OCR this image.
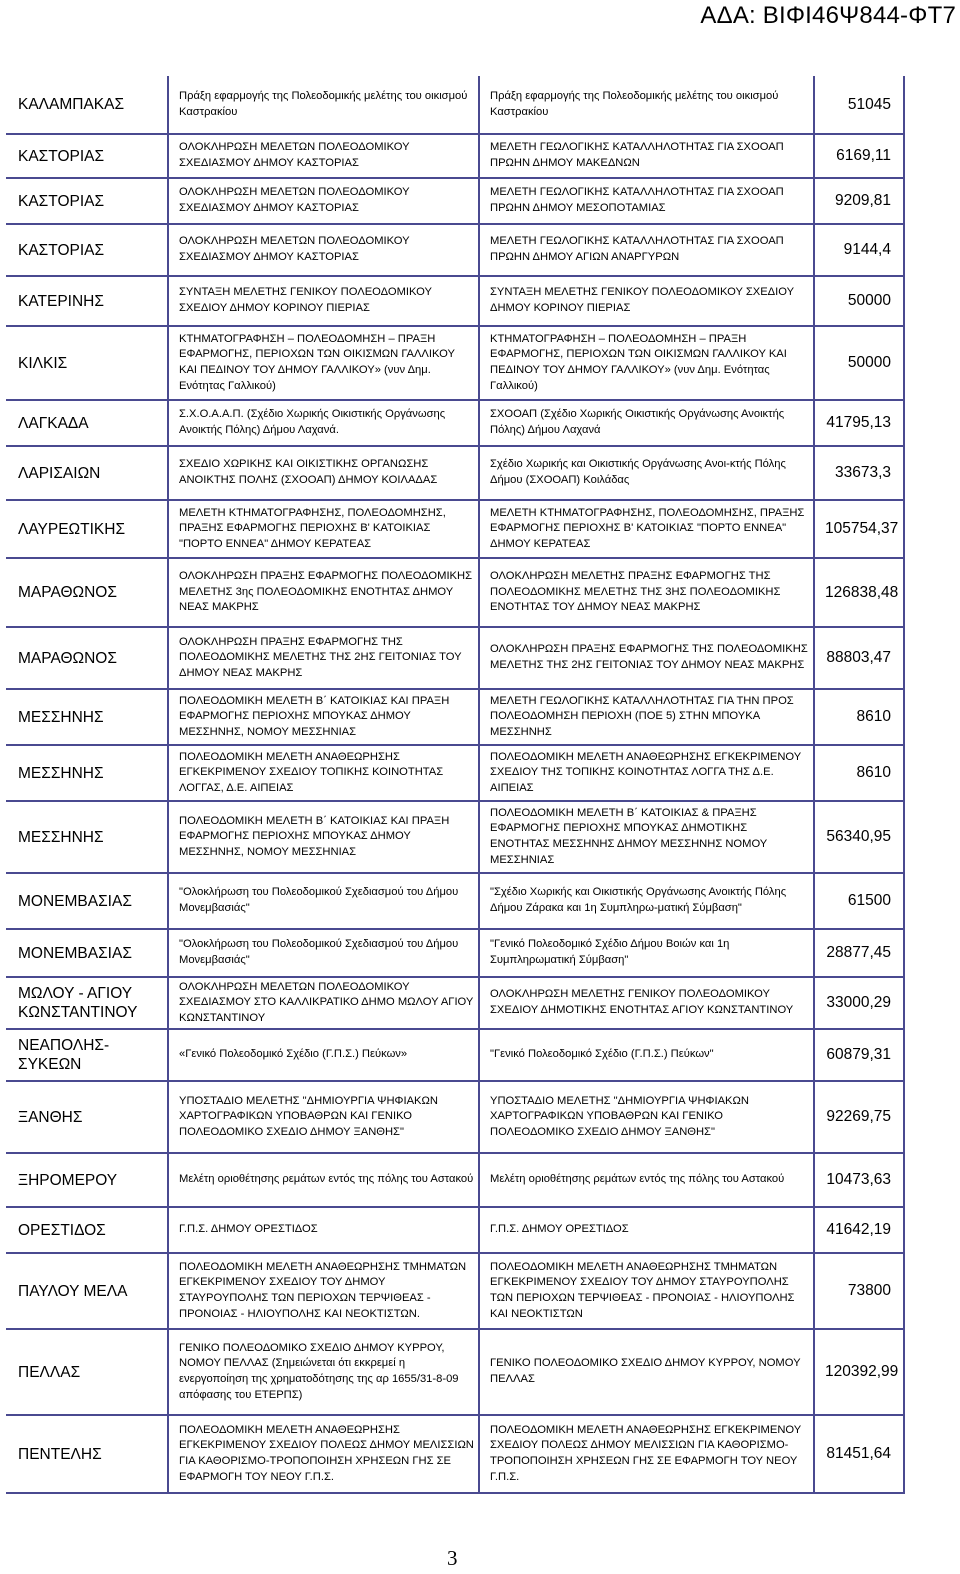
ΑΔΑ: ΒΙΦΙ46Ψ844-ΦΤ7
ΚΑΛΑΜΠΑΚΑΣ	Πράξη εφαρμογής της Πολεοδομικής μελέτης του οικισμού Καστρακίου	Πράξη εφαρμογής της Πολεοδομικής μελέτης του οικισμού Καστρακίου	51045
ΚΑΣΤΟΡΙΑΣ	ΟΛΟΚΛΗΡΩΣΗ ΜΕΛΕΤΩΝ ΠΟΛΕΟΔΟΜΙΚΟΥ ΣΧΕΔΙΑΣΜΟΥ ΔΗΜΟΥ ΚΑΣΤΟΡΙΑΣ	ΜΕΛΕΤΗ ΓΕΩΛΟΓΙΚΗΣ ΚΑΤΑΛΛΗΛΟΤΗΤΑΣ ΓΙΑ ΣΧΟΟΑΠ ΠΡΩΗΝ ΔΗΜΟΥ ΜΑΚΕΔΝΩΝ	6169,11
ΚΑΣΤΟΡΙΑΣ	ΟΛΟΚΛΗΡΩΣΗ ΜΕΛΕΤΩΝ ΠΟΛΕΟΔΟΜΙΚΟΥ ΣΧΕΔΙΑΣΜΟΥ ΔΗΜΟΥ ΚΑΣΤΟΡΙΑΣ	ΜΕΛΕΤΗ ΓΕΩΛΟΓΙΚΗΣ ΚΑΤΑΛΛΗΛΟΤΗΤΑΣ ΓΙΑ ΣΧΟΟΑΠ ΠΡΩΗΝ ΔΗΜΟΥ ΜΕΣΟΠΟΤΑΜΙΑΣ	9209,81
ΚΑΣΤΟΡΙΑΣ	ΟΛΟΚΛΗΡΩΣΗ ΜΕΛΕΤΩΝ ΠΟΛΕΟΔΟΜΙΚΟΥ ΣΧΕΔΙΑΣΜΟΥ ΔΗΜΟΥ ΚΑΣΤΟΡΙΑΣ	ΜΕΛΕΤΗ ΓΕΩΛΟΓΙΚΗΣ ΚΑΤΑΛΛΗΛΟΤΗΤΑΣ ΓΙΑ ΣΧΟΟΑΠ ΠΡΩΗΝ ΔΗΜΟΥ ΑΓΙΩΝ ΑΝΑΡΓΥΡΩΝ	9144,4
ΚΑΤΕΡΙΝΗΣ	ΣΥΝΤΑΞΗ ΜΕΛΕΤΗΣ ΓΕΝΙΚΟΥ ΠΟΛΕΟΔΟΜΙΚΟΥ ΣΧΕΔΙΟΥ ΔΗΜΟΥ ΚΟΡΙΝΟΥ ΠΙΕΡΙΑΣ	ΣΥΝΤΑΞΗ ΜΕΛΕΤΗΣ ΓΕΝΙΚΟΥ ΠΟΛΕΟΔΟΜΙΚΟΥ ΣΧΕΔΙΟΥ ΔΗΜΟΥ ΚΟΡΙΝΟΥ ΠΙΕΡΙΑΣ	50000
ΚΙΛΚΙΣ	ΚΤΗΜΑΤΟΓΡΑΦΗΣΗ – ΠΟΛΕΟΔΟΜΗΣΗ – ΠΡΑΞΗ ΕΦΑΡΜΟΓΗΣ, ΠΕΡΙΟΧΩΝ ΤΩΝ ΟΙΚΙΣΜΩΝ ΓΑΛΛΙΚΟΥ ΚΑΙ ΠΕΔΙΝΟΥ ΤΟΥ ΔΗΜΟΥ ΓΑΛΛΙΚΟΥ» (νυν Δημ. Ενότητας Γαλλικού)	ΚΤΗΜΑΤΟΓΡΑΦΗΣΗ – ΠΟΛΕΟΔΟΜΗΣΗ – ΠΡΑΞΗ ΕΦΑΡΜΟΓΗΣ, ΠΕΡΙΟΧΩΝ ΤΩΝ ΟΙΚΙΣΜΩΝ ΓΑΛΛΙΚΟΥ ΚΑΙ ΠΕΔΙΝΟΥ ΤΟΥ ΔΗΜΟΥ ΓΑΛΛΙΚΟΥ» (νυν Δημ. Ενότητας Γαλλικού)	50000
ΛΑΓΚΑΔΑ	Σ.Χ.Ο.Α.Α.Π. (Σχέδιο Χωρικής Οικιστικής Οργάνωσης Ανοικτής Πόλης) Δήμου Λαχανά.	ΣΧΟΟΑΠ (Σχέδιο Χωρικής Οικιστικής Οργάνωσης Ανοικτής Πόλης) Δήμου Λαχανά	41795,13
ΛΑΡΙΣΑΙΩΝ	ΣΧΕΔΙΟ ΧΩΡΙΚΗΣ ΚΑΙ ΟΙΚΙΣΤΙΚΗΣ ΟΡΓΑΝΩΣΗΣ ΑΝΟΙΚΤΗΣ ΠΟΛΗΣ (ΣΧΟΟΑΠ) ΔΗΜΟΥ ΚΟΙΛΑΔΑΣ	Σχέδιο Χωρικής και Οικιστικής Οργάνωσης Ανοι-κτής Πόλης Δήμου (ΣΧΟΟΑΠ) Κοιλάδας	33673,3
ΛΑΥΡΕΩΤΙΚΗΣ	ΜΕΛΕΤΗ ΚΤΗΜΑΤΟΓΡΑΦΗΣΗΣ, ΠΟΛΕΟΔΟΜΗΣΗΣ, ΠΡΑΞΗΣ ΕΦΑΡΜΟΓΗΣ ΠΕΡΙΟΧΗΣ Β' ΚΑΤΟΙΚΙΑΣ "ΠΟΡΤΟ ΕΝΝΕΑ" ΔΗΜΟΥ ΚΕΡΑΤΕΑΣ	ΜΕΛΕΤΗ ΚΤΗΜΑΤΟΓΡΑΦΗΣΗΣ, ΠΟΛΕΟΔΟΜΗΣΗΣ, ΠΡΑΞΗΣ ΕΦΑΡΜΟΓΗΣ ΠΕΡΙΟΧΗΣ Β' ΚΑΤΟΙΚΙΑΣ "ΠΟΡΤΟ ΕΝΝΕΑ" ΔΗΜΟΥ ΚΕΡΑΤΕΑΣ	105754,37
ΜΑΡΑΘΩΝΟΣ	ΟΛΟΚΛΗΡΩΣΗ ΠΡΑΞΗΣ ΕΦΑΡΜΟΓΗΣ ΠΟΛΕΟΔΟΜΙΚΗΣ ΜΕΛΕΤΗΣ 3ης ΠΟΛΕΟΔΟΜΙΚΗΣ ΕΝΟΤΗΤΑΣ ΔΗΜΟΥ ΝΕΑΣ ΜΑΚΡΗΣ	ΟΛΟΚΛΗΡΩΣΗ ΜΕΛΕΤΗΣ ΠΡΑΞΗΣ ΕΦΑΡΜΟΓΗΣ ΤΗΣ ΠΟΛΕΟΔΟΜΙΚΗΣ ΜΕΛΕΤΗΣ ΤΗΣ 3ΗΣ ΠΟΛΕΟΔΟΜΙΚΗΣ ΕΝΟΤΗΤΑΣ ΤΟΥ ΔΗΜΟΥ ΝΕΑΣ ΜΑΚΡΗΣ	126838,48
ΜΑΡΑΘΩΝΟΣ	ΟΛΟΚΛΗΡΩΣΗ ΠΡΑΞΗΣ ΕΦΑΡΜΟΓΗΣ ΤΗΣ ΠΟΛΕΟΔΟΜΙΚΗΣ ΜΕΛΕΤΗΣ ΤΗΣ 2ΗΣ ΓΕΙΤΟΝΙΑΣ ΤΟΥ ΔΗΜΟΥ ΝΕΑΣ ΜΑΚΡΗΣ	ΟΛΟΚΛΗΡΩΣΗ ΠΡΑΞΗΣ ΕΦΑΡΜΟΓΗΣ ΤΗΣ ΠΟΛΕΟΔΟΜΙΚΗΣ ΜΕΛΕΤΗΣ ΤΗΣ 2ΗΣ ΓΕΙΤΟΝΙΑΣ ΤΟΥ ΔΗΜΟΥ ΝΕΑΣ ΜΑΚΡΗΣ	88803,47
ΜΕΣΣΗΝΗΣ	ΠΟΛΕΟΔΟΜΙΚΗ ΜΕΛΕΤΗ Β΄ ΚΑΤΟΙΚΙΑΣ ΚΑΙ ΠΡΑΞΗ ΕΦΑΡΜΟΓΗΣ ΠΕΡΙΟΧΗΣ ΜΠΟΥΚΑΣ ΔΗΜΟΥ ΜΕΣΣΗΝΗΣ, ΝΟΜΟΥ ΜΕΣΣΗΝΙΑΣ	ΜΕΛΕΤΗ ΓΕΩΛΟΓΙΚΗΣ ΚΑΤΑΛΛΗΛΟΤΗΤΑΣ ΓΙΑ ΤΗΝ ΠΡΟΣ ΠΟΛΕΟΔΟΜΗΣΗ ΠΕΡΙΟΧΗ (ΠΟΕ 5) ΣΤΗΝ ΜΠΟΥΚΑ ΜΕΣΣΗΝΗΣ	8610
ΜΕΣΣΗΝΗΣ	ΠΟΛΕΟΔΟΜΙΚΗ ΜΕΛΕΤΗ ΑΝΑΘΕΩΡΗΣΗΣ ΕΓΚΕΚΡΙΜΕΝΟΥ ΣΧΕΔΙΟΥ ΤΟΠΙΚΗΣ ΚΟΙΝΟΤΗΤΑΣ ΛΟΓΓΑΣ, Δ.Ε. ΑΙΠΕΙΑΣ	ΠΟΛΕΟΔΟΜΙΚΗ ΜΕΛΕΤΗ ΑΝΑΘΕΩΡΗΣΗΣ ΕΓΚΕΚΡΙΜΕΝΟΥ ΣΧΕΔΙΟΥ ΤΗΣ ΤΟΠΙΚΗΣ ΚΟΙΝΟΤΗΤΑΣ ΛΟΓΓΑ ΤΗΣ Δ.Ε. ΑΙΠΕΙΑΣ	8610
ΜΕΣΣΗΝΗΣ	ΠΟΛΕΟΔΟΜΙΚΗ ΜΕΛΕΤΗ Β΄ ΚΑΤΟΙΚΙΑΣ ΚΑΙ ΠΡΑΞΗ ΕΦΑΡΜΟΓΗΣ ΠΕΡΙΟΧΗΣ ΜΠΟΥΚΑΣ ΔΗΜΟΥ ΜΕΣΣΗΝΗΣ, ΝΟΜΟΥ ΜΕΣΣΗΝΙΑΣ	ΠΟΛΕΟΔΟΜΙΚΗ ΜΕΛΕΤΗ Β΄ ΚΑΤΟΙΚΙΑΣ & ΠΡΑΞΗΣ ΕΦΑΡΜΟΓΗΣ ΠΕΡΙΟΧΗΣ ΜΠΟΥΚΑΣ ΔΗΜΟΤΙΚΗΣ ΕΝΟΤΗΤΑΣ ΜΕΣΣΗΝΗΣ ΔΗΜΟΥ ΜΕΣΣΗΝΗΣ ΝΟΜΟΥ ΜΕΣΣΗΝΙΑΣ	56340,95
ΜΟΝΕΜΒΑΣΙΑΣ	"Ολοκλήρωση του Πολεοδομικού Σχεδιασμού του Δήμου Μονεμβασιάς"	"Σχέδιο Χωρικής και Οικιστικής Οργάνωσης Ανοικτής Πόλης Δήμου Ζάρακα και 1η Συμπληρω-ματική Σύμβαση"	61500
ΜΟΝΕΜΒΑΣΙΑΣ	"Ολοκλήρωση του Πολεοδομικού Σχεδιασμού του Δήμου Μονεμβασιάς"	"Γενικό Πολεοδομικό Σχέδιο Δήμου Βοιών και 1η Συμπληρωματική Σύμβαση"	28877,45
ΜΩΛΟΥ - ΑΓΙΟΥ ΚΩΝΣΤΑΝΤΙΝΟΥ	ΟΛΟΚΛΗΡΩΣΗ ΜΕΛΕΤΩΝ ΠΟΛΕΟΔΟΜΙΚΟΥ ΣΧΕΔΙΑΣΜΟΥ ΣΤΟ ΚΑΛΛΙΚΡΑΤΙΚΟ ΔΗΜΟ ΜΩΛΟΥ ΑΓΙΟΥ ΚΩΝΣΤΑΝΤΙΝΟΥ	ΟΛΟΚΛΗΡΩΣΗ ΜΕΛΕΤΗΣ ΓΕΝΙΚΟΥ ΠΟΛΕΟΔΟΜΙΚΟΥ ΣΧΕΔΙΟΥ ΔΗΜΟΤΙΚΗΣ ΕΝΟΤΗΤΑΣ ΑΓΙΟΥ ΚΩΝΣΤΑΝΤΙΝΟΥ	33000,29
ΝΕΑΠΟΛΗΣ-ΣΥΚΕΩΝ	«Γενικό Πολεοδομικό Σχέδιο (Γ.Π.Σ.) Πεύκων»	"Γενικό Πολεοδομικό Σχέδιο (Γ.Π.Σ.) Πεύκων"	60879,31
ΞΑΝΘΗΣ	ΥΠΟΣΤΑΔΙΟ ΜΕΛΕΤΗΣ "ΔΗΜΙΟΥΡΓΙΑ ΨΗΦΙΑΚΩΝ ΧΑΡΤΟΓΡΑΦΙΚΩΝ ΥΠΟΒΑΘΡΩΝ ΚΑΙ ΓΕΝΙΚΟ ΠΟΛΕΟΔΟΜΙΚΟ ΣΧΕΔΙΟ ΔΗΜΟΥ ΞΑΝΘΗΣ"	ΥΠΟΣΤΑΔΙΟ ΜΕΛΕΤΗΣ "ΔΗΜΙΟΥΡΓΙΑ ΨΗΦΙΑΚΩΝ ΧΑΡΤΟΓΡΑΦΙΚΩΝ ΥΠΟΒΑΘΡΩΝ ΚΑΙ ΓΕΝΙΚΟ ΠΟΛΕΟΔΟΜΙΚΟ ΣΧΕΔΙΟ ΔΗΜΟΥ ΞΑΝΘΗΣ"	92269,75
ΞΗΡΟΜΕΡΟΥ	Μελέτη οριοθέτησης ρεμάτων εντός της πόλης του Αστακού	Μελέτη οριοθέτησης ρεμάτων εντός της πόλης του Αστακού	10473,63
ΟΡΕΣΤΙΔΟΣ	Γ.Π.Σ. ΔΗΜΟΥ ΟΡΕΣΤΙΔΟΣ	Γ.Π.Σ. ΔΗΜΟΥ ΟΡΕΣΤΙΔΟΣ	41642,19
ΠΑΥΛΟΥ ΜΕΛΑ	ΠΟΛΕΟΔΟΜΙΚΗ ΜΕΛΕΤΗ ΑΝΑΘΕΩΡΗΣΗΣ ΤΜΗΜΑΤΩΝ ΕΓΚΕΚΡΙΜΕΝΟΥ ΣΧΕΔΙΟΥ ΤΟΥ ΔΗΜΟΥ ΣΤΑΥΡΟΥΠΟΛΗΣ ΤΩΝ ΠΕΡΙΟΧΩΝ ΤΕΡΨΙΘΕΑΣ - ΠΡΟΝΟΙΑΣ - ΗΛΙΟΥΠΟΛΗΣ ΚΑΙ ΝΕΟΚΤΙΣΤΩΝ.	ΠΟΛΕΟΔΟΜΙΚΗ ΜΕΛΕΤΗ ΑΝΑΘΕΩΡΗΣΗΣ ΤΜΗΜΑΤΩΝ ΕΓΚΕΚΡΙΜΕΝΟΥ ΣΧΕΔΙΟΥ ΤΟΥ ΔΗΜΟΥ ΣΤΑΥΡΟΥΠΟΛΗΣ ΤΩΝ ΠΕΡΙΟΧΩΝ ΤΕΡΨΙΘΕΑΣ - ΠΡΟΝΟΙΑΣ - ΗΛΙΟΥΠΟΛΗΣ ΚΑΙ ΝΕΟΚΤΙΣΤΩΝ	73800
ΠΕΛΛΑΣ	ΓΕΝΙΚΟ ΠΟΛΕΟΔΟΜΙΚΟ ΣΧΕΔΙΟ ΔΗΜΟΥ ΚΥΡΡΟΥ, ΝΟΜΟΥ ΠΕΛΛΑΣ (Σημειώνεται ότι εκκρεμεί η ενεργοποίηση της χρηματοδότησης της αρ 1655/31-8-09 απόφασης του ΕΤΕΡΠΣ)	ΓΕΝΙΚΟ ΠΟΛΕΟΔΟΜΙΚΟ ΣΧΕΔΙΟ ΔΗΜΟΥ ΚΥΡΡΟΥ, ΝΟΜΟΥ ΠΕΛΛΑΣ	120392,99
ΠΕΝΤΕΛΗΣ	ΠΟΛΕΟΔΟΜΙΚΗ ΜΕΛΕΤΗ ΑΝΑΘΕΩΡΗΣΗΣ ΕΓΚΕΚΡΙΜΕΝΟΥ ΣΧΕΔΙΟΥ ΠΟΛΕΩΣ ΔΗΜΟΥ ΜΕΛΙΣΣΙΩΝ ΓΙΑ ΚΑΘΟΡΙΣΜΟ-ΤΡΟΠΟΠΟΙΗΣΗ ΧΡΗΣΕΩΝ ΓΗΣ ΣΕ ΕΦΑΡΜΟΓΗ ΤΟΥ ΝΕΟΥ Γ.Π.Σ.	ΠΟΛΕΟΔΟΜΙΚΗ ΜΕΛΕΤΗ ΑΝΑΘΕΩΡΗΣΗΣ ΕΓΚΕΚΡΙΜΕΝΟΥ ΣΧΕΔΙΟΥ ΠΟΛΕΩΣ ΔΗΜΟΥ ΜΕΛΙΣΣΙΩΝ ΓΙΑ ΚΑΘΟΡΙΣΜΟ-ΤΡΟΠΟΠΟΙΗΣΗ ΧΡΗΣΕΩΝ ΓΗΣ ΣΕ ΕΦΑΡΜΟΓΗ ΤΟΥ ΝΕΟΥ Γ.Π.Σ.	81451,64
3
